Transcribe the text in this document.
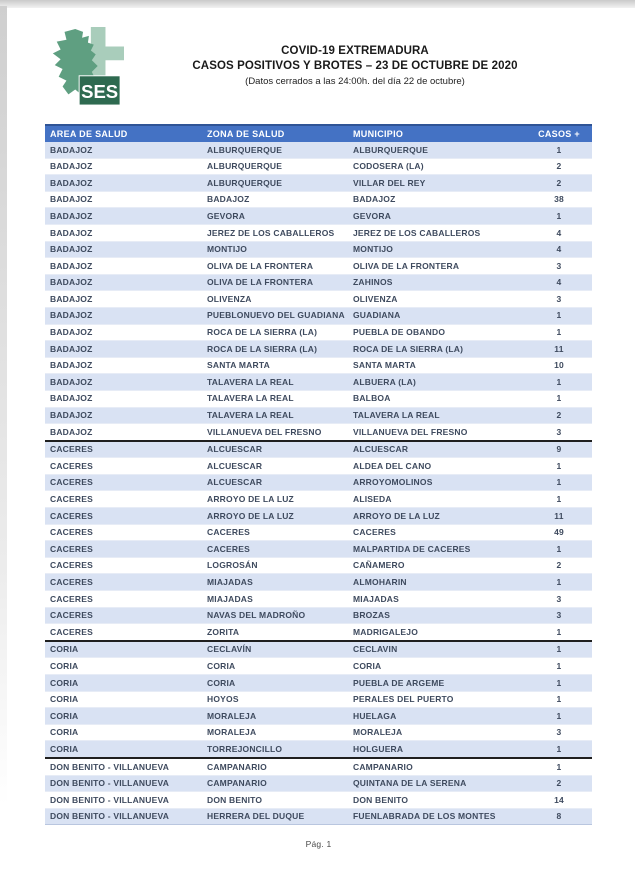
SES
COVID-19 EXTREMADURA
CASOS POSITIVOS Y BROTES – 23 DE OCTUBRE DE 2020
(Datos cerrados a las 24:00h. del día 22 de octubre)
AREA DE SALUD	ZONA DE SALUD	MUNICIPIO	CASOS +
BADAJOZ	ALBURQUERQUE	ALBURQUERQUE	1
BADAJOZ	ALBURQUERQUE	CODOSERA (LA)	2
BADAJOZ	ALBURQUERQUE	VILLAR DEL REY	2
BADAJOZ	BADAJOZ	BADAJOZ	38
BADAJOZ	GEVORA	GEVORA	1
BADAJOZ	JEREZ DE LOS CABALLEROS	JEREZ DE LOS CABALLEROS	4
BADAJOZ	MONTIJO	MONTIJO	4
BADAJOZ	OLIVA DE LA FRONTERA	OLIVA DE LA FRONTERA	3
BADAJOZ	OLIVA DE LA FRONTERA	ZAHINOS	4
BADAJOZ	OLIVENZA	OLIVENZA	3
BADAJOZ	PUEBLONUEVO DEL GUADIANA	GUADIANA	1
BADAJOZ	ROCA DE LA SIERRA (LA)	PUEBLA DE OBANDO	1
BADAJOZ	ROCA DE LA SIERRA (LA)	ROCA DE LA SIERRA (LA)	11
BADAJOZ	SANTA MARTA	SANTA MARTA	10
BADAJOZ	TALAVERA LA REAL	ALBUERA (LA)	1
BADAJOZ	TALAVERA LA REAL	BALBOA	1
BADAJOZ	TALAVERA LA REAL	TALAVERA LA REAL	2
BADAJOZ	VILLANUEVA DEL FRESNO	VILLANUEVA DEL FRESNO	3
CACERES	ALCUESCAR	ALCUESCAR	9
CACERES	ALCUESCAR	ALDEA DEL CANO	1
CACERES	ALCUESCAR	ARROYOMOLINOS	1
CACERES	ARROYO DE LA LUZ	ALISEDA	1
CACERES	ARROYO DE LA LUZ	ARROYO DE LA LUZ	11
CACERES	CACERES	CACERES	49
CACERES	CACERES	MALPARTIDA DE CACERES	1
CACERES	LOGROSÁN	CAÑAMERO	2
CACERES	MIAJADAS	ALMOHARIN	1
CACERES	MIAJADAS	MIAJADAS	3
CACERES	NAVAS DEL MADROÑO	BROZAS	3
CACERES	ZORITA	MADRIGALEJO	1
CORIA	CECLAVÍN	CECLAVIN	1
CORIA	CORIA	CORIA	1
CORIA	CORIA	PUEBLA DE ARGEME	1
CORIA	HOYOS	PERALES DEL PUERTO	1
CORIA	MORALEJA	HUELAGA	1
CORIA	MORALEJA	MORALEJA	3
CORIA	TORREJONCILLO	HOLGUERA	1
DON BENITO - VILLANUEVA	CAMPANARIO	CAMPANARIO	1
DON BENITO - VILLANUEVA	CAMPANARIO	QUINTANA DE LA SERENA	2
DON BENITO - VILLANUEVA	DON BENITO	DON BENITO	14
DON BENITO - VILLANUEVA	HERRERA DEL DUQUE	FUENLABRADA DE LOS MONTES	8
Pág. 1
